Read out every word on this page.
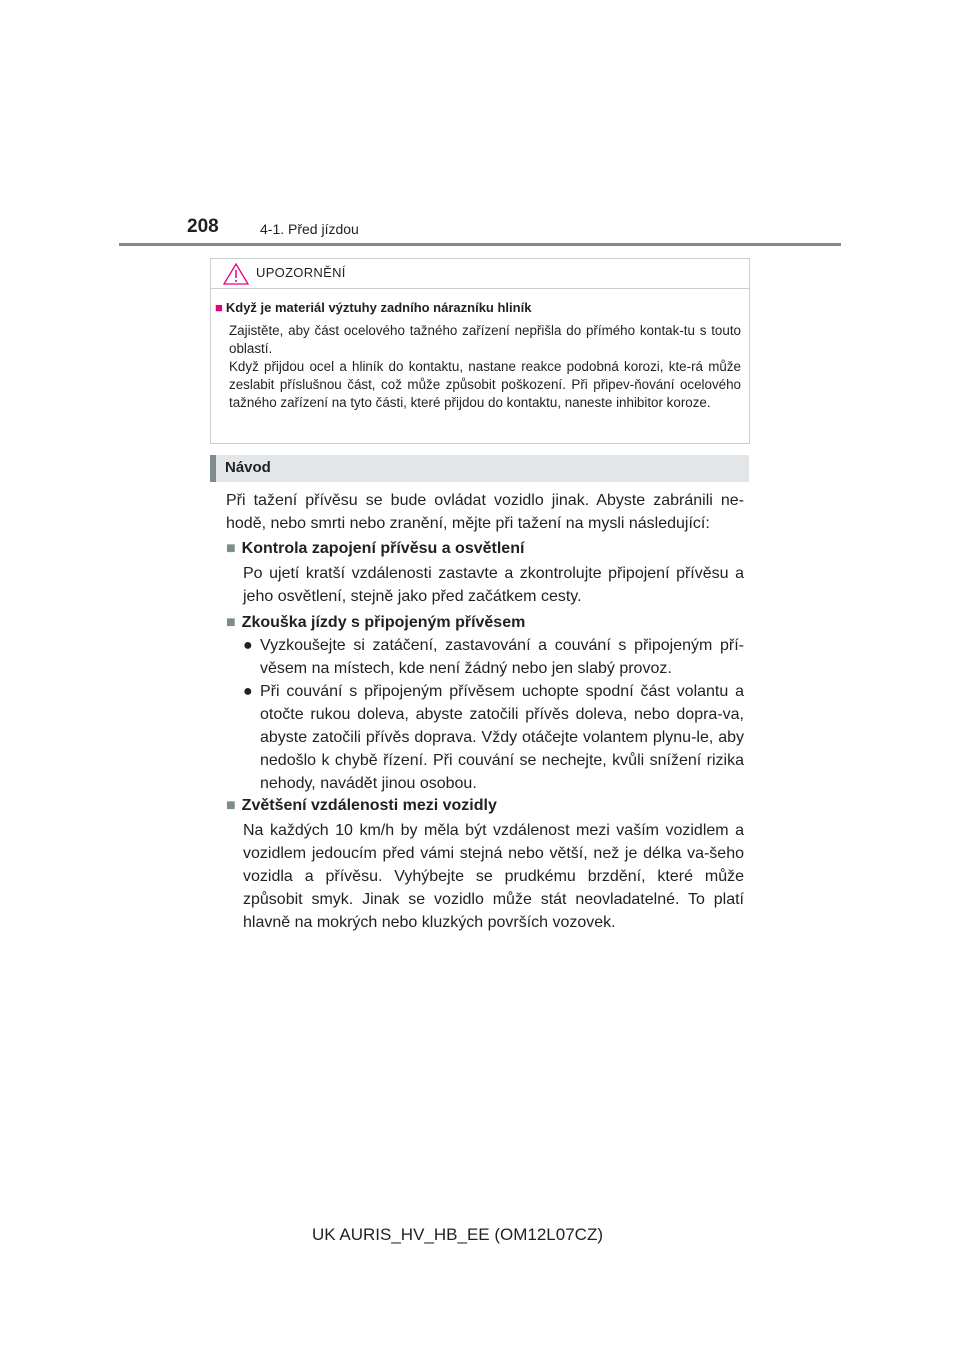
208	4-1. Před jízdou
UPOZORNĚNÍ
■ Když je materiál výztuhy zadního nárazníku hliník

Zajistěte, aby část ocelového tažného zařízení nepřišla do přímého kontak-tu s touto oblastí.

Když přijdou ocel a hliník do kontaktu, nastane reakce podobná korozi, kte-rá může zeslabit příslušnou část, což může způsobit poškození. Při připev-ňování ocelového tažného zařízení na tyto části, které přijdou do kontaktu, naneste inhibitor koroze.

Návod

Při tažení přívěsu se bude ovládat vozidlo jinak. Abyste zabránili ne-hodě, nebo smrti nebo zranění, mějte při tažení na mysli následující:

■ Kontrola zapojení přívěsu a osvětlení

Po ujetí kratší vzdálenosti zastavte a zkontrolujte připojení přívěsu a jeho osvětlení, stejně jako před začátkem cesty.

■ Zkouška jízdy s připojeným přívěsem
● Vyzkoušejte si zatáčení, zastavování a couvání s připojeným pří-věsem na místech, kde není žádný nebo jen slabý provoz.

● Při couvání s připojeným přívěsem uchopte spodní část volantu a otočte rukou doleva, abyste zatočili přívěs doleva, nebo dopra-va, abyste zatočili přívěs doprava. Vždy otáčejte volantem plynu-le, aby nedošlo k chybě řízení. Při couvání se nechejte, kvůli snížení rizika nehody, navádět jinou osobou.

■ Zvětšení vzdálenosti mezi vozidly

Na každých 10 km/h by měla být vzdálenost mezi vaším vozidlem a vozidlem jedoucím před vámi stejná nebo větší, než je délka va-šeho vozidla a přívěsu. Vyhýbejte se prudkému brzdění, které může způsobit smyk. Jinak se vozidlo může stát neovladatelné. To platí hlavně na mokrých nebo kluzkých površích vozovek.

UK AURIS_HV_HB_EE (OM12L07CZ)
